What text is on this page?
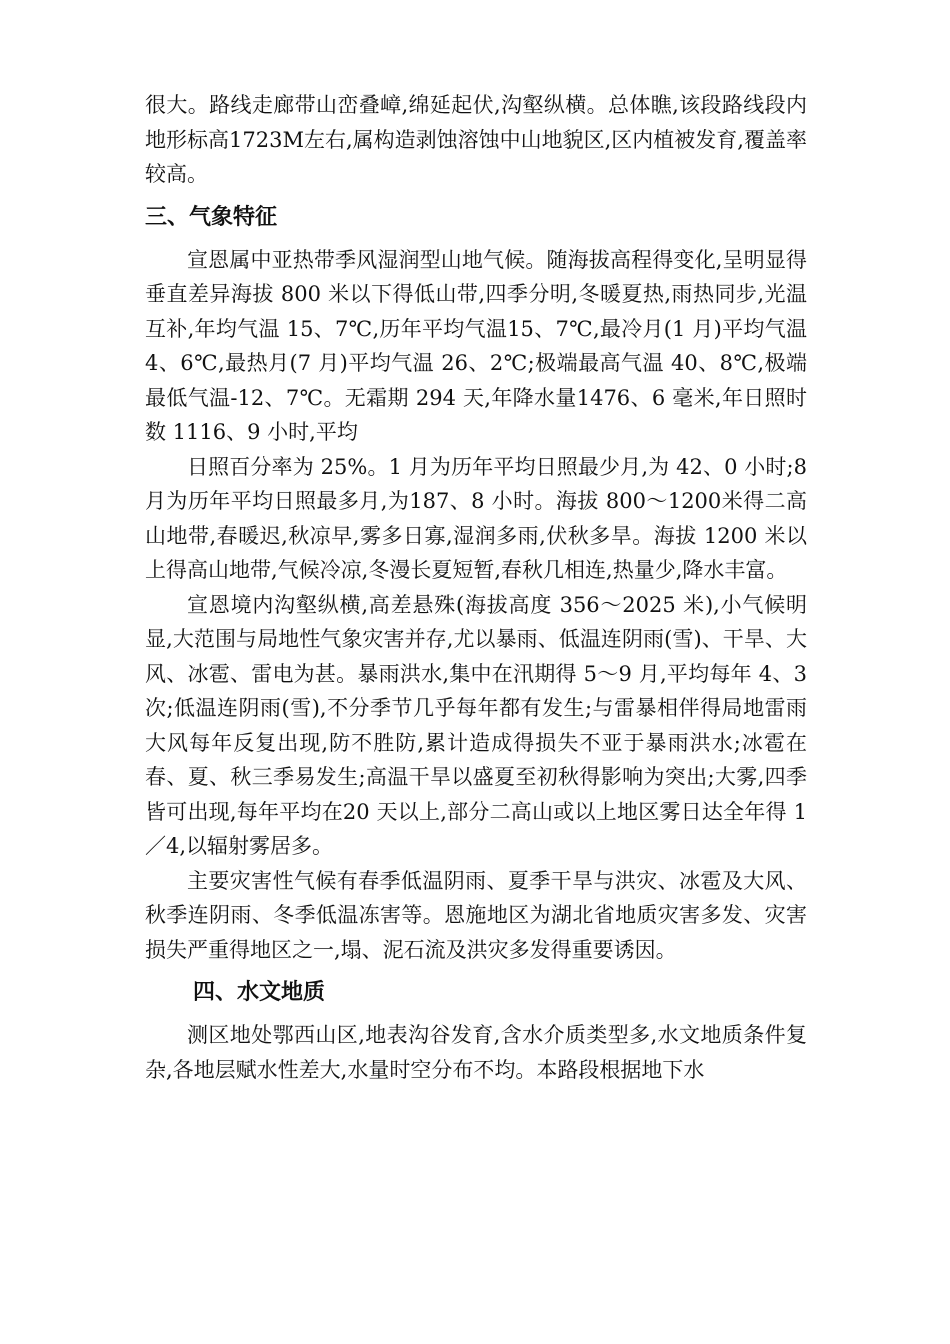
很大。路线走廊带山峦叠嶂,绵延起伏,沟壑纵横。总体瞧,该段路线段内地形标高1723M左右,属构造剥蚀溶蚀中山地貌区,区内植被发育,覆盖率较高。

三、气象特征

宣恩属中亚热带季风湿润型山地气候。随海拔高程得变化,呈明显得垂直差异海拔 800 米以下得低山带,四季分明,冬暖夏热,雨热同步,光温互补,年均气温 15、7℃,历年平均气温15、7℃,最冷月(1 月)平均气温 4、6℃,最热月(7 月)平均气温 26、2℃;极端最高气温 40、8℃,极端最低气温-12、7℃。无霜期 294 天,年降水量1476、6 毫米,年日照时数 1116、9 小时,平均

日照百分率为 25%。1 月为历年平均日照最少月,为 42、0 小时;8 月为历年平均日照最多月,为187、8 小时。海拔 800～1200米得二高山地带,春暖迟,秋凉早,雾多日寡,湿润多雨,伏秋多旱。海拔 1200 米以上得高山地带,气候冷凉,冬漫长夏短暂,春秋几相连,热量少,降水丰富。

宣恩境内沟壑纵横,高差悬殊(海拔高度 356～2025 米),小气候明显,大范围与局地性气象灾害并存,尤以暴雨、低温连阴雨(雪)、干旱、大风、冰雹、雷电为甚。暴雨洪水,集中在汛期得 5～9 月,平均每年 4、3 次;低温连阴雨(雪),不分季节几乎每年都有发生;与雷暴相伴得局地雷雨大风每年反复出现,防不胜防,累计造成得损失不亚于暴雨洪水;冰雹在春、夏、秋三季易发生;高温干旱以盛夏至初秋得影响为突出;大雾,四季皆可出现,每年平均在20 天以上,部分二高山或以上地区雾日达全年得 1／4,以辐射雾居多。

主要灾害性气候有春季低温阴雨、夏季干旱与洪灾、冰雹及大风、秋季连阴雨、冬季低温冻害等。恩施地区为湖北省地质灾害多发、灾害损失严重得地区之一,塌、泥石流及洪灾多发得重要诱因。

四、水文地质

测区地处鄂西山区,地表沟谷发育,含水介质类型多,水文地质条件复杂,各地层赋水性差大,水量时空分布不均。本路段根据地下水
